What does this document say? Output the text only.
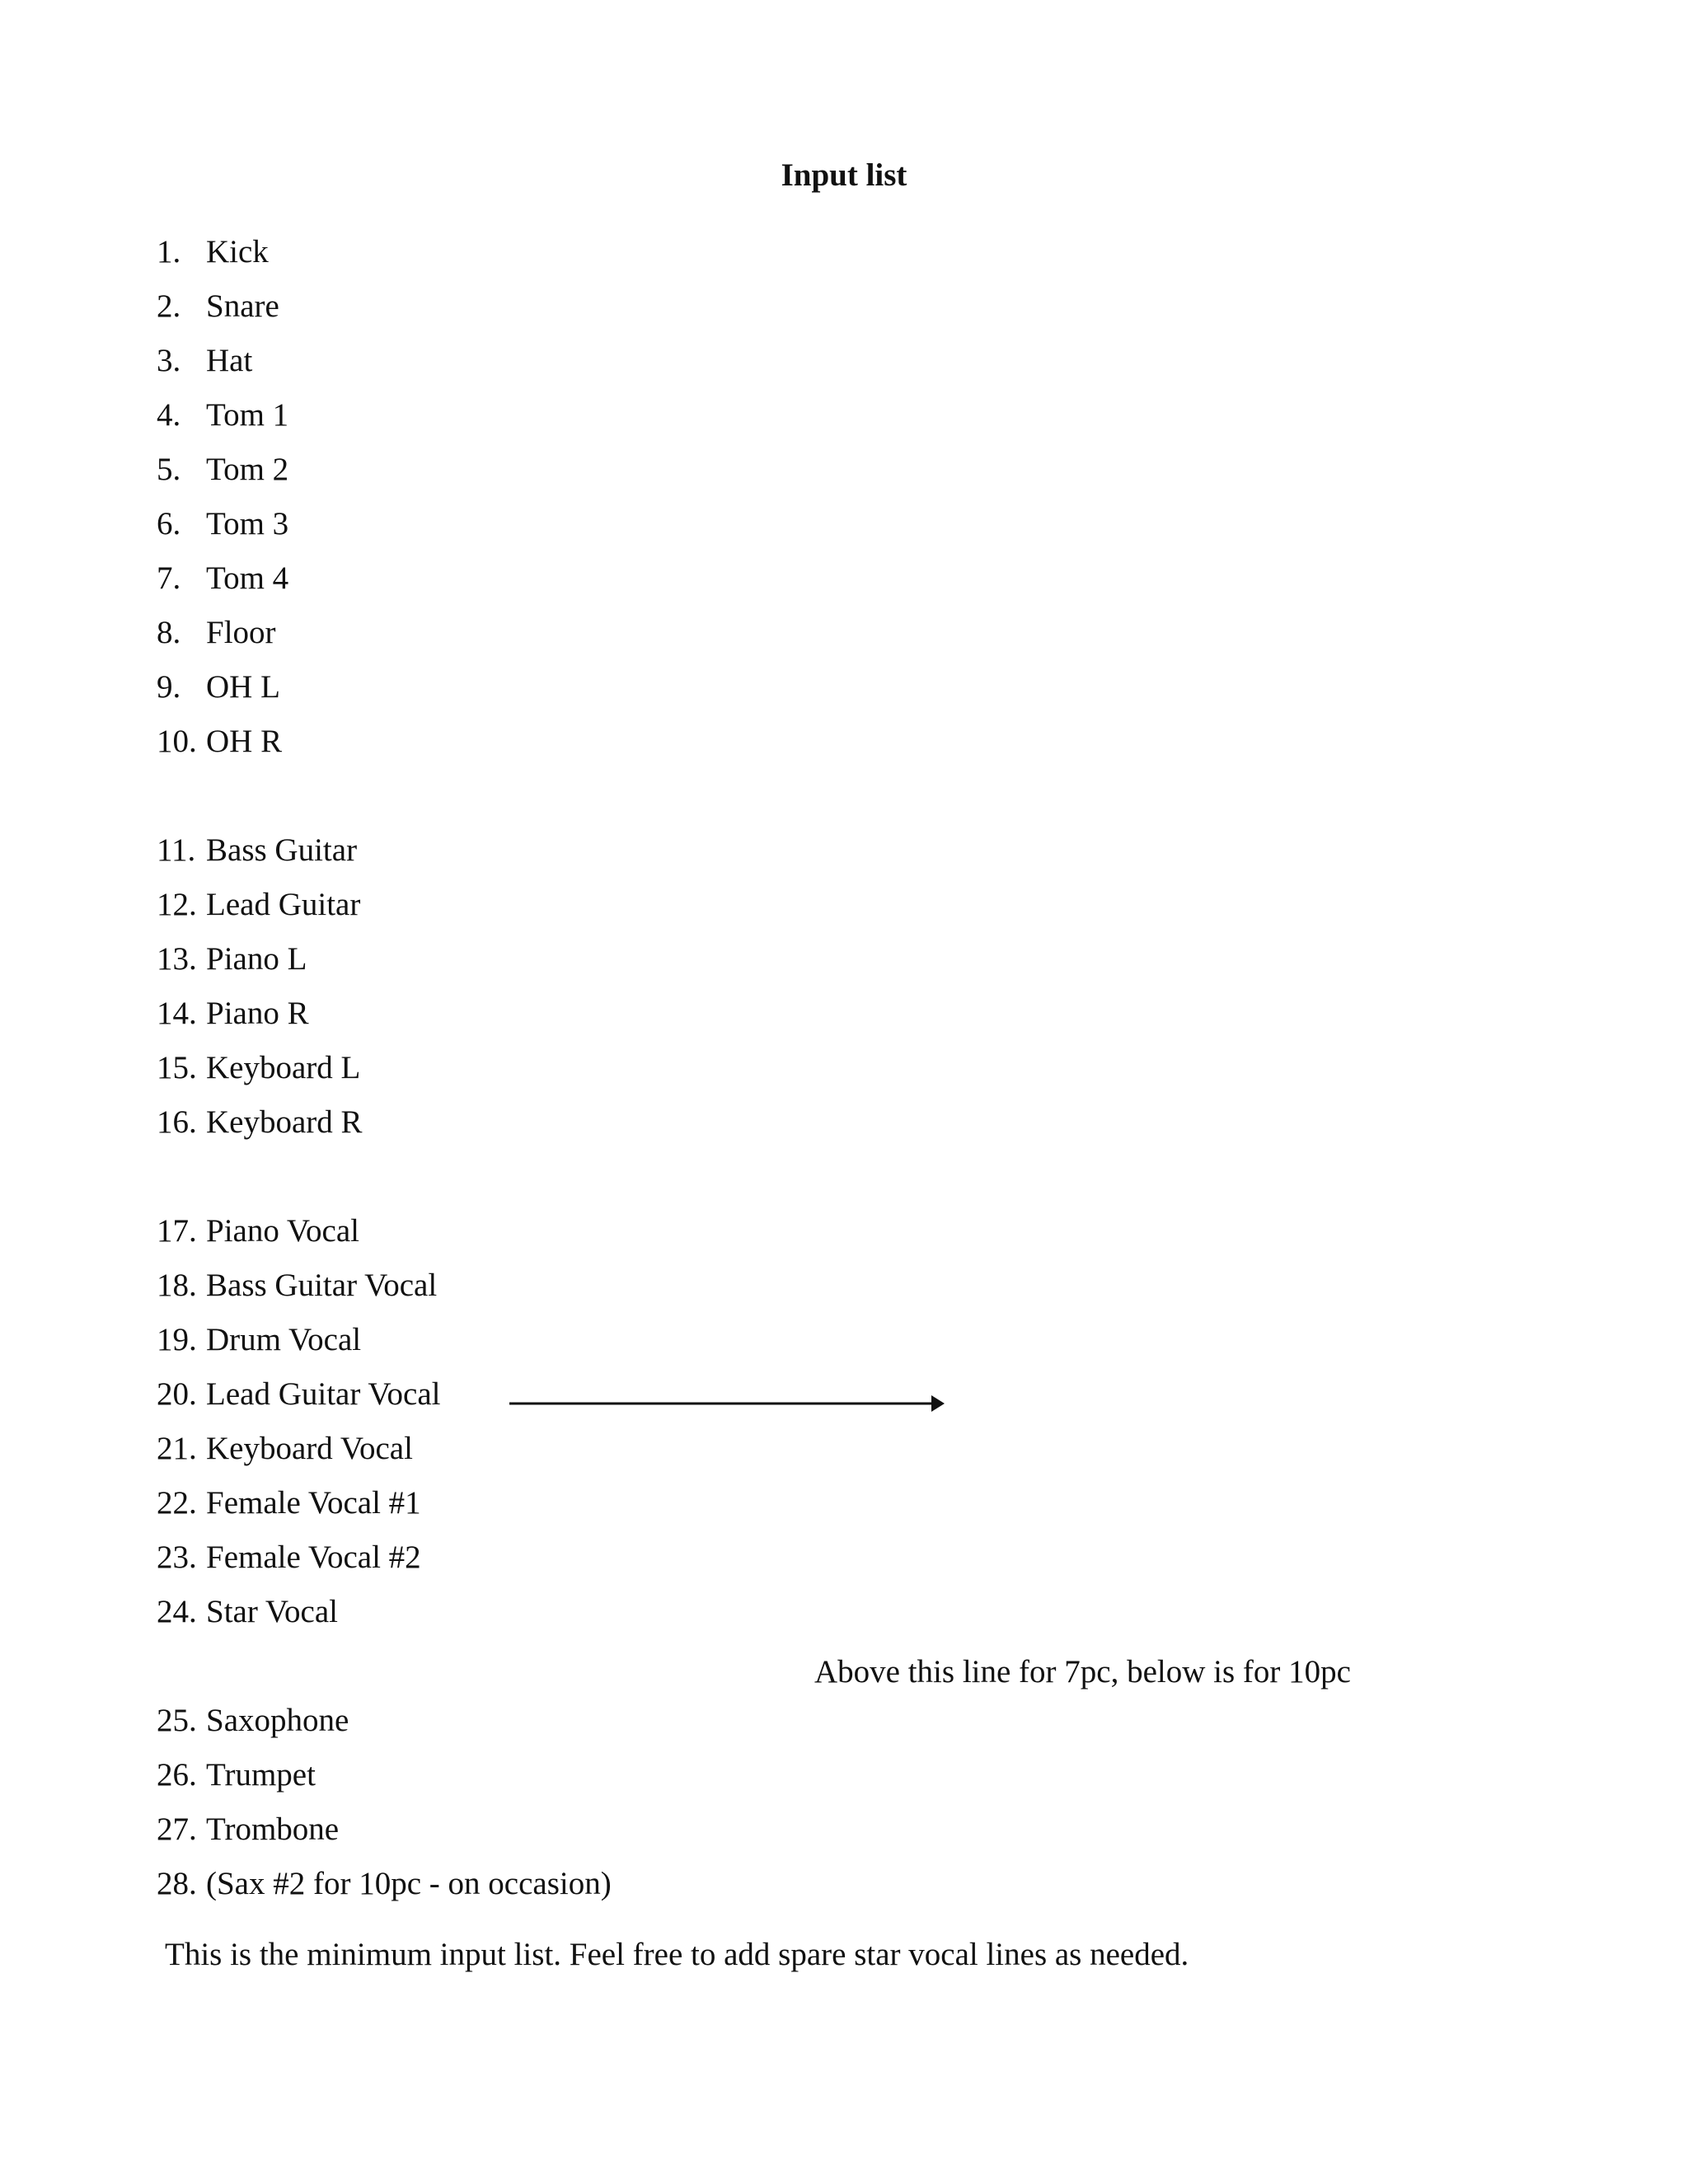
Input list
1. Kick
2. Snare
3. Hat
4. Tom 1
5. Tom 2
6. Tom 3
7. Tom 4
8. Floor
9. OH L
10. OH R
11. Bass Guitar
12. Lead Guitar
13. Piano L
14. Piano R
15. Keyboard L
16. Keyboard R
17. Piano Vocal
18. Bass Guitar Vocal
19. Drum Vocal
20. Lead Guitar Vocal
21. Keyboard Vocal
22. Female Vocal #1
23. Female Vocal #2
24. Star Vocal
25. Saxophone
26. Trumpet
27. Trombone
28. (Sax #2 for 10pc - on occasion)
Above this line for 7pc, below is for 10pc
This is the minimum input list. Feel free to add spare star vocal lines as needed.
